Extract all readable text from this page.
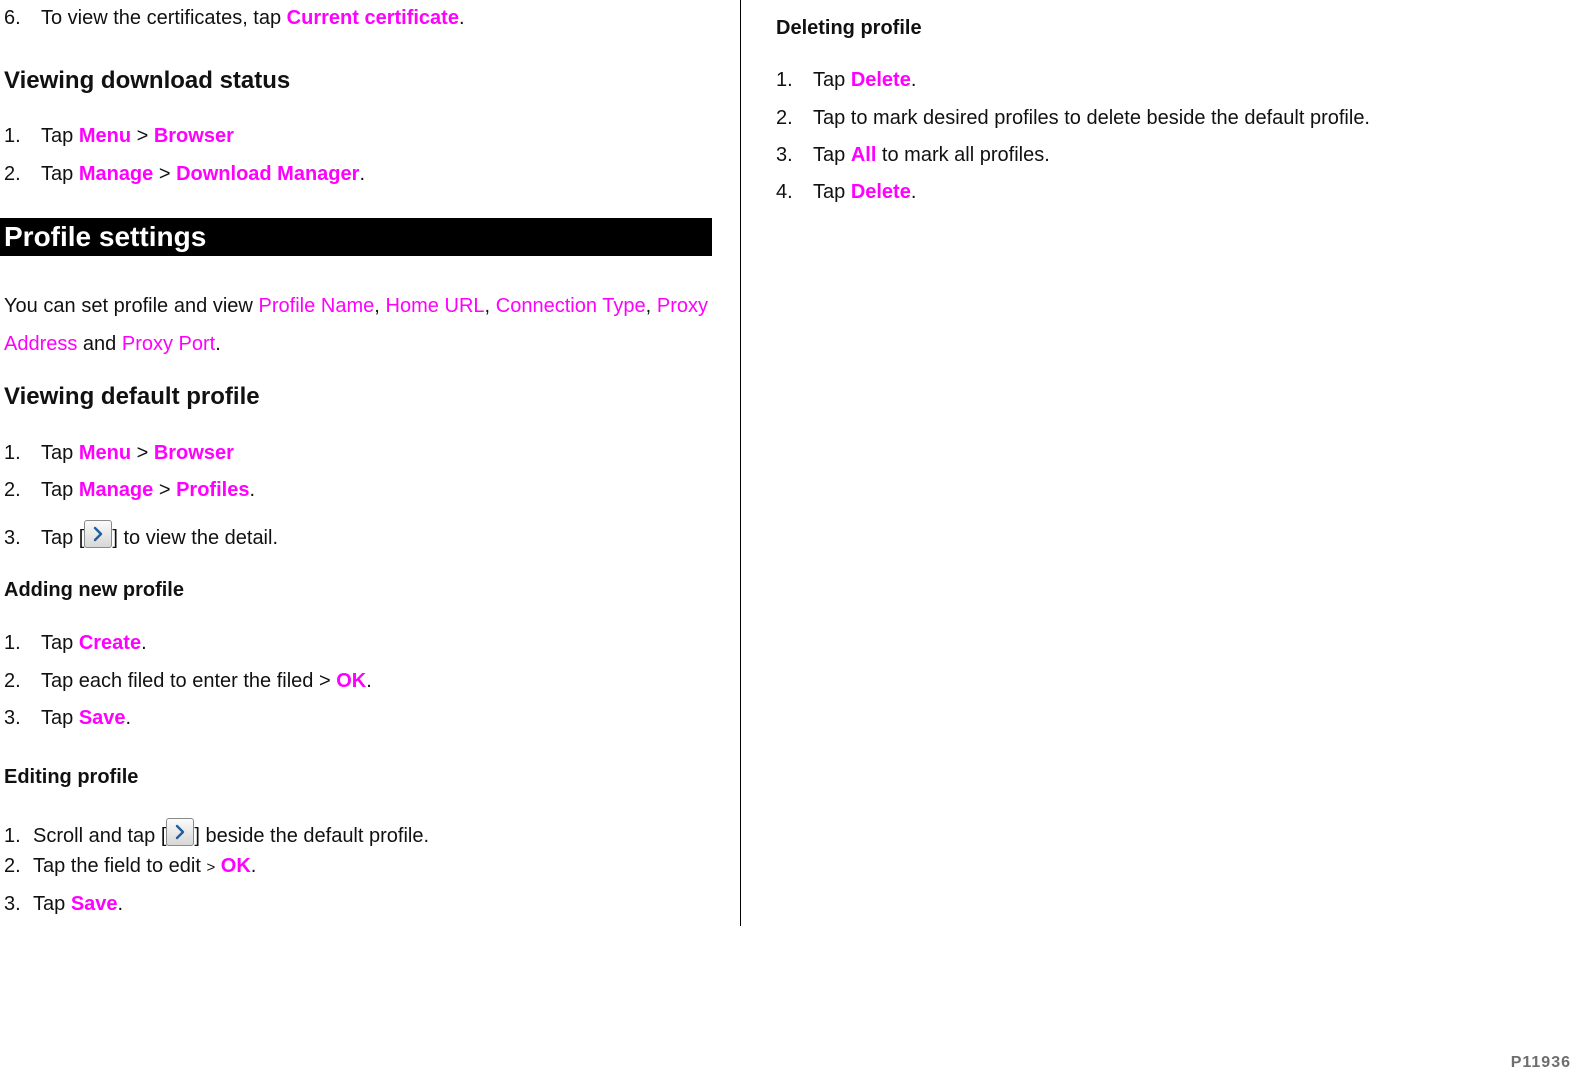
6. To view the certificates, tap Current certificate.
Viewing download status
1. Tap Menu > Browser
2. Tap Manage > Download Manager.
Profile settings
You can set profile and view Profile Name, Home URL, Connection Type, Proxy Address and Proxy Port.
Viewing default profile
1. Tap Menu > Browser
2. Tap Manage > Profiles.
3. Tap [ ] to view the detail.
Adding new profile
1. Tap Create.
2. Tap each filed to enter the filed > OK.
3. Tap Save.
Editing profile
1. Scroll and tap [ ] beside the default profile.
2. Tap the field to edit > OK.
3. Tap Save.
Deleting profile
1. Tap Delete.
2. Tap to mark desired profiles to delete beside the default profile.
3. Tap All to mark all profiles.
4. Tap Delete.
P11936
